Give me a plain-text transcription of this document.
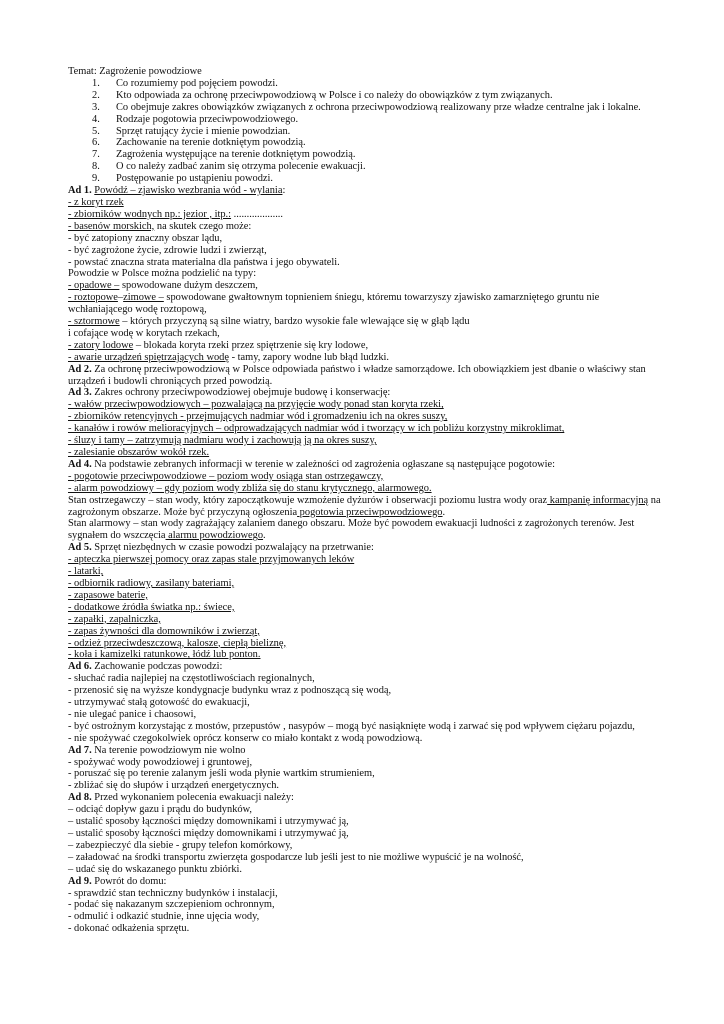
Temat: Zagrożenie powodziowe
1. Co rozumiemy pod pojęciem powodzi.
2. Kto odpowiada za ochronę przeciwpowodziową w Polsce i co należy do obowiązków z tym związanych.
3. Co obejmuje zakres obowiązków związanych z ochrona przeciwpowodziową realizowany prze władze centralne jak i lokalne.
4. Rodzaje pogotowia przeciwpowodziowego.
5. Sprzęt ratujący życie i mienie powodzian.
6. Zachowanie na terenie dotkniętym powodzią.
7. Zagrożenia występujące na terenie dotkniętym powodzią.
8. O co należy zadbać zanim się otrzyma polecenie ewakuacji.
9. Postępowanie po ustąpieniu powodzi.
Ad 1. Powódź – zjawisko wezbrania wód - wylania:
- z koryt rzek
- zbiorników wodnych np.: jezior , itp.: ...................
- basenów morskich, na skutek czego może:
- być zatopiony znaczny obszar lądu,
- być zagrożone życie, zdrowie ludzi i zwierząt,
- powstać znaczna strata materialna dla państwa i jego obywateli.
Powodzie w Polsce można podzielić na typy:
- opadowe – spowodowane dużym deszczem,
- roztopowe–zimowe – spowodowane gwałtownym topnieniem śniegu, któremu towarzyszy zjawisko zamarzniętego gruntu nie
wchłaniającego wodę roztopową,
- sztormowe – których przyczyną są silne wiatry, bardzo wysokie fale wlewające się w głąb lądu
i cofające wodę w korytach rzekach,
- zatory lodowe – blokada koryta rzeki przez spiętrzenie się kry lodowe,
- awarie urządzeń spiętrzających wodę - tamy, zapory wodne lub błąd ludzki.
Ad 2. Za ochronę przeciwpowodziową w Polsce odpowiada państwo i władze samorządowe. Ich obowiązkiem jest dbanie o właściwy stan urządzeń i budowli chroniących przed powodzią.
Ad 3. Zakres ochrony przeciwpowodziowej obejmuje budowę i konserwację:
- wałów przeciwpowodziowych – pozwalającą na przyjęcie wody ponad stan koryta rzeki,
- zbiorników retencyjnych - przejmujących nadmiar wód i gromadzeniu ich na okres suszy,
- kanałów i rowów melioracyjnych – odprowadzających nadmiar wód i tworzący w ich pobliżu korzystny mikroklimat,
- śluzy i tamy – zatrzymują nadmiaru wody i zachowują ją na okres suszy,
- zalesianie obszarów wokół rzek.
Ad 4. Na podstawie zebranych informacji w terenie w zależności od zagrożenia ogłaszane są następujące pogotowie:
- pogotowie przeciwpowodziowe – poziom wody osiąga stan ostrzegawczy,
- alarm powodziowy – gdy poziom wody zbliża się do stanu krytycznego, alarmowego.
Stan ostrzegawczy – stan wody, który zapoczątkowuje wzmożenie dyżurów i obserwacji poziomu lustra wody oraz kampanię informacyjną na zagrożonym obszarze. Może być przyczyną ogłoszenia pogotowia przeciwpowodziowego.
Stan alarmowy – stan wody zagrażający zalaniem danego obszaru. Może być powodem ewakuacji ludności z zagrożonych terenów. Jest sygnałem do wszczęcia alarmu powodziowego.
Ad 5. Sprzęt niezbędnych w czasie powodzi pozwalający na przetrwanie:
- apteczka pierwszej pomocy oraz zapas stale przyjmowanych leków
- latarki,
- odbiornik radiowy, zasilany bateriami,
- zapasowe baterie,
- dodatkowe źródła światka np.: świece,
- zapałki, zapalniczka,
- zapas żywności dla domowników i zwierząt,
- odzież przeciwdeszczową, kalosze, ciepłą bieliznę,
- koła i kamizelki ratunkowe, łódź lub ponton.
Ad 6. Zachowanie podczas powodzi:
- słuchać radia najlepiej na częstotliwościach regionalnych,
- przenosić się na wyższe kondygnacje budynku wraz z podnoszącą się wodą,
- utrzymywać stałą gotowość do ewakuacji,
- nie ulegać panice i chaosowi,
- być ostrożnym korzystając z mostów, przepustów , nasypów – mogą być nasiąknięte wodą i zarwać się pod wpływem ciężaru pojazdu,
- nie spożywać czegokolwiek oprócz konserw co miało kontakt z wodą powodziową.
Ad 7. Na terenie powodziowym nie wolno
- spożywać wody powodziowej i gruntowej,
- poruszać się po terenie zalanym jeśli woda płynie wartkim strumieniem,
- zbliżać się do słupów i urządzeń energetycznych.
Ad 8. Przed wykonaniem polecenia ewakuacji należy:
– odciąć dopływ gazu i prądu do budynków,
– ustalić sposoby łączności między domownikami i utrzymywać ją,
– ustalić sposoby łączności między domownikami i utrzymywać ją,
– zabezpieczyć dla siebie - grupy telefon komórkowy,
– załadować na środki transportu zwierzęta gospodarcze lub jeśli jest to nie możliwe wypuścić je na wolność,
– udać się do wskazanego punktu zbiórki.
Ad 9. Powrót do domu:
- sprawdzić stan techniczny budynków i instalacji,
- podać się nakazanym szczepieniom ochronnym,
- odmulić i odkazić studnie, inne ujęcia wody,
- dokonać odkażenia sprzętu.
